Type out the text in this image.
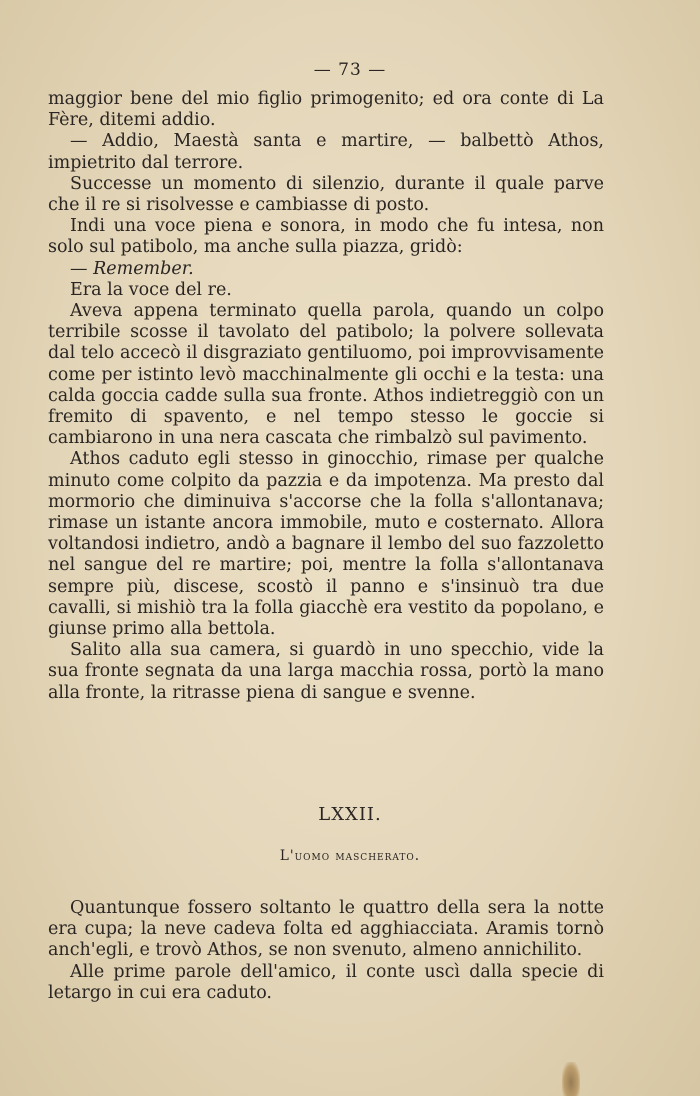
— 73 —

maggior bene del mio figlio primogenito; ed ora conte di La Fère, ditemi addio.

— Addio, Maestà santa e martire, — balbettò Athos, impietrito dal terrore.

Successe un momento di silenzio, durante il quale parve che il re si risolvesse e cambiasse di posto.

Indi una voce piena e sonora, in modo che fu intesa, non solo sul patibolo, ma anche sulla piazza, gridò:

— Remember.

Era la voce del re.

Aveva appena terminato quella parola, quando un colpo terribile scosse il tavolato del patibolo; la polvere sollevata dal telo accecò il disgraziato gentiluomo, poi improvvisamente come per istinto levò macchinalmente gli occhi e la testa: una calda goccia cadde sulla sua fronte. Athos indietreggiò con un fremito di spavento, e nel tempo stesso le goccie si cambiarono in una nera cascata che rimbalzò sul pavimento.

Athos caduto egli stesso in ginocchio, rimase per qualche minuto come colpito da pazzia e da impotenza. Ma presto dal mormorio che diminuiva s'accorse che la folla s'allontanava; rimase un istante ancora immobile, muto e costernato. Allora voltandosi indietro, andò a bagnare il lembo del suo fazzoletto nel sangue del re martire; poi, mentre la folla s'allontanava sempre più, discese, scostò il panno e s'insinuò tra due cavalli, si mishiò tra la folla giacchè era vestito da popolano, e giunse primo alla bettola.

Salito alla sua camera, si guardò in uno specchio, vide la sua fronte segnata da una larga macchia rossa, portò la mano alla fronte, la ritrasse piena di sangue e svenne.

LXXII.
L'uomo mascherato.

Quantunque fossero soltanto le quattro della sera la notte era cupa; la neve cadeva folta ed agghiacciata. Aramis tornò anch'egli, e trovò Athos, se non svenuto, almeno annichilito.

Alle prime parole dell'amico, il conte uscì dalla specie di letargo in cui era caduto.
